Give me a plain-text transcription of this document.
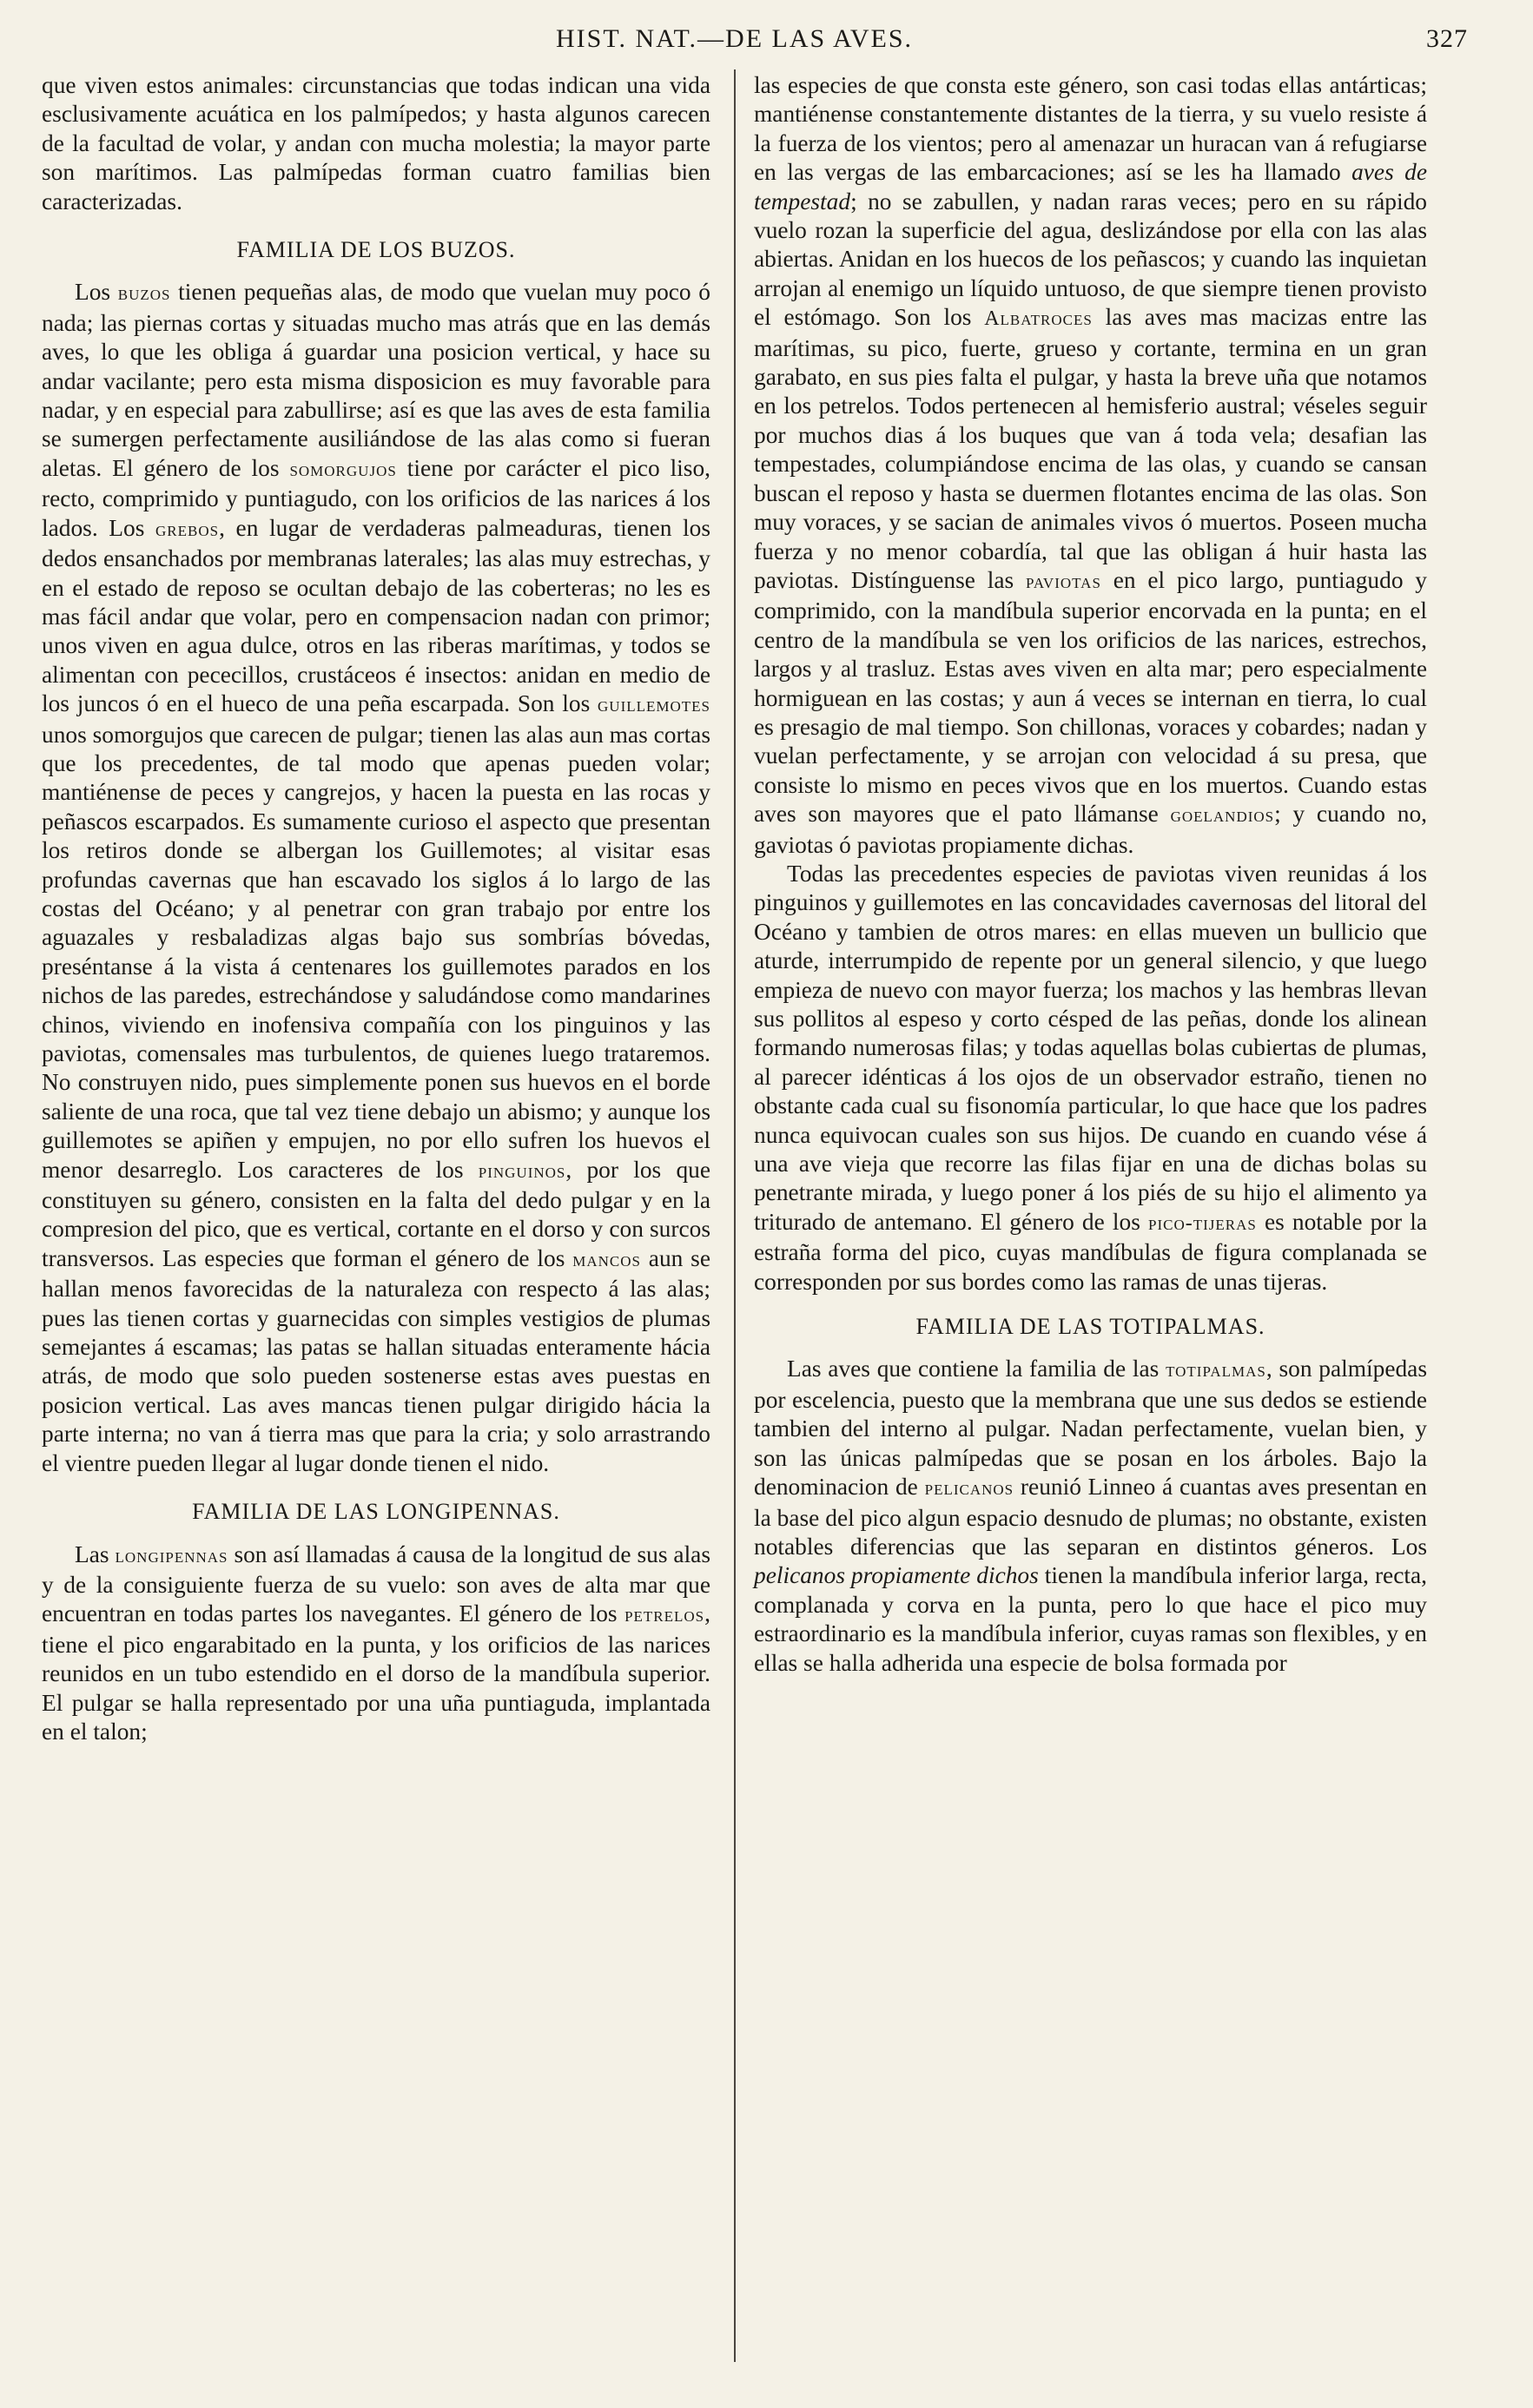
HIST. NAT.—DE LAS AVES.	327

que viven estos animales: circunstancias que todas indican una vida esclusivamente acuática en los palmípedos; y hasta algunos carecen de la facultad de volar, y andan con mucha molestia; la mayor parte son marítimos. Las palmípedas forman cuatro familias bien caracterizadas.

FAMILIA DE LOS BUZOS.

Los buzos tienen pequeñas alas, de modo que vuelan muy poco ó nada; las piernas cortas y situadas mucho mas atrás que en las demás aves, lo que les obliga á guardar una posicion vertical, y hace su andar vacilante; pero esta misma disposicion es muy favorable para nadar, y en especial para zabullirse; así es que las aves de esta familia se sumergen perfectamente ausiliándose de las alas como si fueran aletas. El género de los somorgujos tiene por carácter el pico liso, recto, comprimido y puntiagudo, con los orificios de las narices á los lados. Los grebos, en lugar de verdaderas palmeaduras, tienen los dedos ensanchados por membranas laterales; las alas muy estrechas, y en el estado de reposo se ocultan debajo de las coberteras; no les es mas fácil andar que volar, pero en compensacion nadan con primor; unos viven en agua dulce, otros en las riberas marítimas, y todos se alimentan con pececillos, crustáceos é insectos: anidan en medio de los juncos ó en el hueco de una peña escarpada. Son los guillemotes unos somorgujos que carecen de pulgar; tienen las alas aun mas cortas que los precedentes, de tal modo que apenas pueden volar; mantiénense de peces y cangrejos, y hacen la puesta en las rocas y peñascos escarpados. Es sumamente curioso el aspecto que presentan los retiros donde se albergan los Guillemotes; al visitar esas profundas cavernas que han escavado los siglos á lo largo de las costas del Océano; y al penetrar con gran trabajo por entre los aguazales y resbaladizas algas bajo sus sombrías bóvedas, preséntanse á la vista á centenares los guillemotes parados en los nichos de las paredes, estrechándose y saludándose como mandarines chinos, viviendo en inofensiva compañía con los pinguinos y las paviotas, comensales mas turbulentos, de quienes luego trataremos. No construyen nido, pues simplemente ponen sus huevos en el borde saliente de una roca, que tal vez tiene debajo un abismo; y aunque los guillemotes se apiñen y empujen, no por ello sufren los huevos el menor desarreglo. Los caracteres de los pinguinos, por los que constituyen su género, consisten en la falta del dedo pulgar y en la compresion del pico, que es vertical, cortante en el dorso y con surcos transversos. Las especies que forman el género de los mancos aun se hallan menos favorecidas de la naturaleza con respecto á las alas; pues las tienen cortas y guarnecidas con simples vestigios de plumas semejantes á escamas; las patas se hallan situadas enteramente hácia atrás, de modo que solo pueden sostenerse estas aves puestas en posicion vertical. Las aves mancas tienen pulgar dirigido hácia la parte interna; no van á tierra mas que para la cria; y solo arrastrando el vientre pueden llegar al lugar donde tienen el nido.

FAMILIA DE LAS LONGIPENNAS.

Las longipennas son así llamadas á causa de la longitud de sus alas y de la consiguiente fuerza de su vuelo: son aves de alta mar que encuentran en todas partes los navegantes. El género de los petrelos, tiene el pico engarabitado en la punta, y los orificios de las narices reunidos en un tubo estendido en el dorso de la mandíbula superior. El pulgar se halla representado por una uña puntiaguda, implantada en el talon;

las especies de que consta este género, son casi todas ellas antárticas; mantiénense constantemente distantes de la tierra, y su vuelo resiste á la fuerza de los vientos; pero al amenazar un huracan van á refugiarse en las vergas de las embarcaciones; así se les ha llamado aves de tempestad; no se zabullen, y nadan raras veces; pero en su rápido vuelo rozan la superficie del agua, deslizándose por ella con las alas abiertas. Anidan en los huecos de los peñascos; y cuando las inquietan arrojan al enemigo un líquido untuoso, de que siempre tienen provisto el estómago. Son los Albatroces las aves mas macizas entre las marítimas, su pico, fuerte, grueso y cortante, termina en un gran garabato, en sus pies falta el pulgar, y hasta la breve uña que notamos en los petrelos. Todos pertenecen al hemisferio austral; véseles seguir por muchos dias á los buques que van á toda vela; desafian las tempestades, columpiándose encima de las olas, y cuando se cansan buscan el reposo y hasta se duermen flotantes encima de las olas. Son muy voraces, y se sacian de animales vivos ó muertos. Poseen mucha fuerza y no menor cobardía, tal que las obligan á huir hasta las paviotas. Distínguense las paviotas en el pico largo, puntiagudo y comprimido, con la mandíbula superior encorvada en la punta; en el centro de la mandíbula se ven los orificios de las narices, estrechos, largos y al trasluz. Estas aves viven en alta mar; pero especialmente hormiguean en las costas; y aun á veces se internan en tierra, lo cual es presagio de mal tiempo. Son chillonas, voraces y cobardes; nadan y vuelan perfectamente, y se arrojan con velocidad á su presa, que consiste lo mismo en peces vivos que en los muertos. Cuando estas aves son mayores que el pato llámanse goelandios; y cuando no, gaviotas ó paviotas propiamente dichas.

Todas las precedentes especies de paviotas viven reunidas á los pinguinos y guillemotes en las concavidades cavernosas del litoral del Océano y tambien de otros mares: en ellas mueven un bullicio que aturde, interrumpido de repente por un general silencio, y que luego empieza de nuevo con mayor fuerza; los machos y las hembras llevan sus pollitos al espeso y corto césped de las peñas, donde los alinean formando numerosas filas; y todas aquellas bolas cubiertas de plumas, al parecer idénticas á los ojos de un observador estraño, tienen no obstante cada cual su fisonomía particular, lo que hace que los padres nunca equivocan cuales son sus hijos. De cuando en cuando vése á una ave vieja que recorre las filas fijar en una de dichas bolas su penetrante mirada, y luego poner á los piés de su hijo el alimento ya triturado de antemano. El género de los pico-tijeras es notable por la estraña forma del pico, cuyas mandíbulas de figura complanada se corresponden por sus bordes como las ramas de unas tijeras.

FAMILIA DE LAS TOTIPALMAS.

Las aves que contiene la familia de las totipalmas, son palmípedas por escelencia, puesto que la membrana que une sus dedos se estiende tambien del interno al pulgar. Nadan perfectamente, vuelan bien, y son las únicas palmípedas que se posan en los árboles. Bajo la denominacion de pelicanos reunió Linneo á cuantas aves presentan en la base del pico algun espacio desnudo de plumas; no obstante, existen notables diferencias que las separan en distintos géneros. Los pelicanos propiamente dichos tienen la mandíbula inferior larga, recta, complanada y corva en la punta, pero lo que hace el pico muy estraordinario es la mandíbula inferior, cuyas ramas son flexibles, y en ellas se halla adherida una especie de bolsa formada por
